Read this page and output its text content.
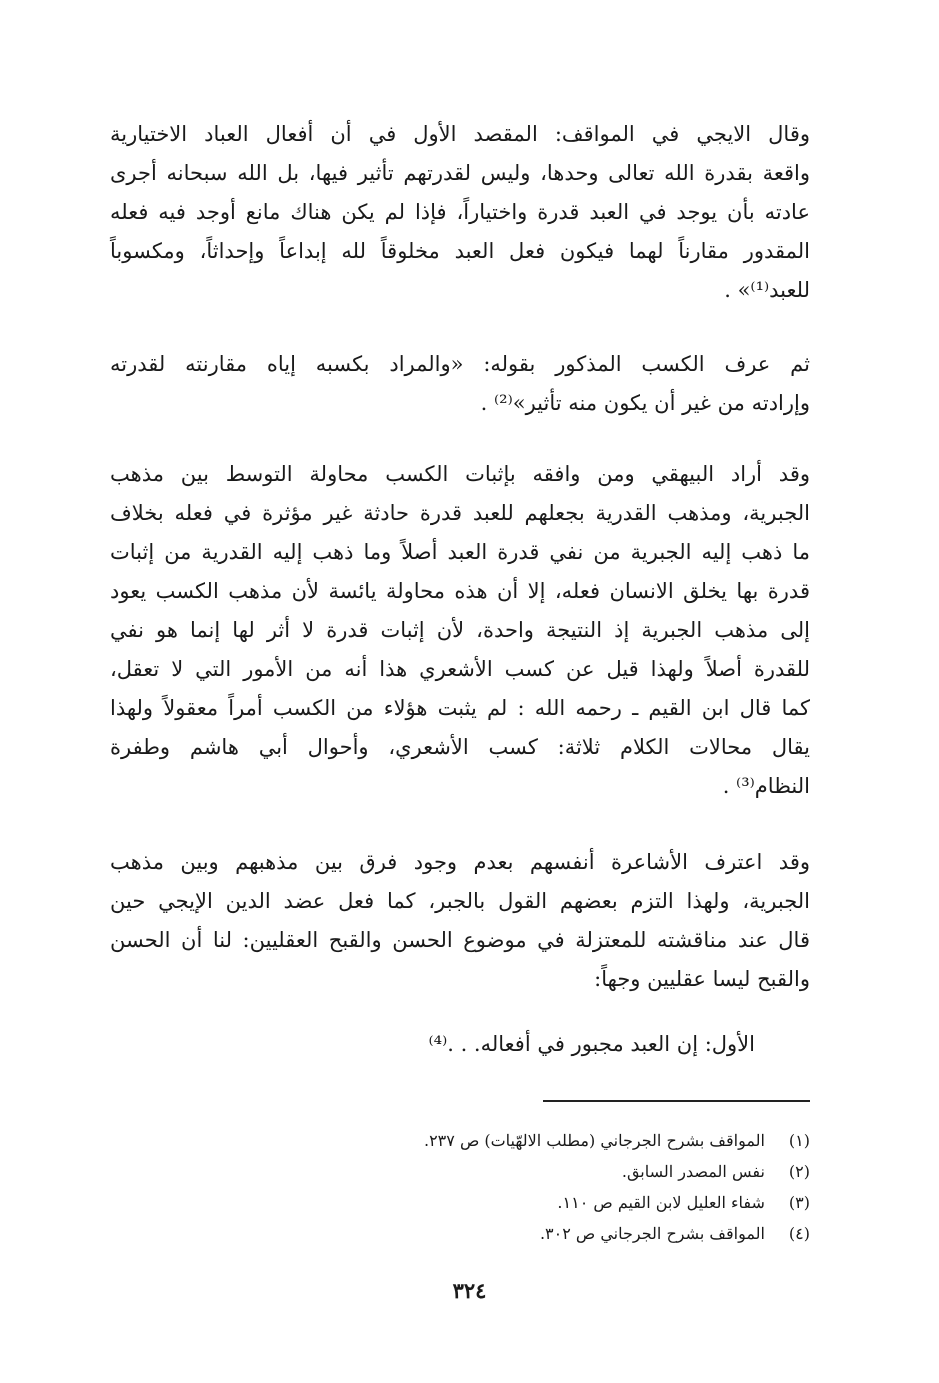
وقال الايجي في المواقف: المقصد الأول في أن أفعال العباد الاختيارية
واقعة بقدرة الله تعالى وحدها، وليس لقدرتهم تأثير فيها، بل الله سبحانه أجرى
عادته بأن يوجد في العبد قدرة واختياراً، فإذا لم يكن هناك مانع أوجد فيه فعله
المقدور مقارناً لهما فيكون فعل العبد مخلوقاً لله إبداعاً وإحداثاً، ومكسوباً
للعبد⁽¹⁾» .

ثم عرف الكسب المذكور بقوله: «والمراد بكسبه إياه مقارنته لقدرته
وإرادته من غير أن يكون منه تأثير»⁽²⁾ .

وقد أراد البيهقي ومن وافقه بإثبات الكسب محاولة التوسط بين مذهب
الجبرية، ومذهب القدرية بجعلهم للعبد قدرة حادثة غير مؤثرة في فعله بخلاف
ما ذهب إليه الجبرية من نفي قدرة العبد أصلاً وما ذهب إليه القدرية من إثبات
قدرة بها يخلق الانسان فعله، إلا أن هذه محاولة يائسة لأن مذهب الكسب يعود
إلى مذهب الجبرية إذ النتيجة واحدة، لأن إثبات قدرة لا أثر لها إنما هو نفي
للقدرة أصلاً ولهذا قيل عن كسب الأشعري هذا أنه من الأمور التي لا تعقل،
كما قال ابن القيم ـ رحمه الله : لم يثبت هؤلاء من الكسب أمراً معقولاً ولهذا
يقال محالات الكلام ثلاثة: كسب الأشعري، وأحوال أبي هاشم وطفرة
النظام⁽³⁾ .

وقد اعترف الأشاعرة أنفسهم بعدم وجود فرق بين مذهبهم وبين مذهب
الجبرية، ولهذا التزم بعضهم القول بالجبر، كما فعل عضد الدين الإيجي حين
قال عند مناقشته للمعتزلة في موضوع الحسن والقبح العقليين: لنا أن الحسن
والقبح ليسا عقليين وجهاً:

الأول: إن العبد مجبور في أفعاله. . .⁽⁴⁾

(١) المواقف بشرح الجرجاني (مطلب الالهّيات) ص ٢٣٧.
(٢) نفس المصدر السابق.
(٣) شفاء العليل لابن القيم ص ١١٠.
(٤) المواقف بشرح الجرجاني ص ٣٠٢.
٣٢٤
